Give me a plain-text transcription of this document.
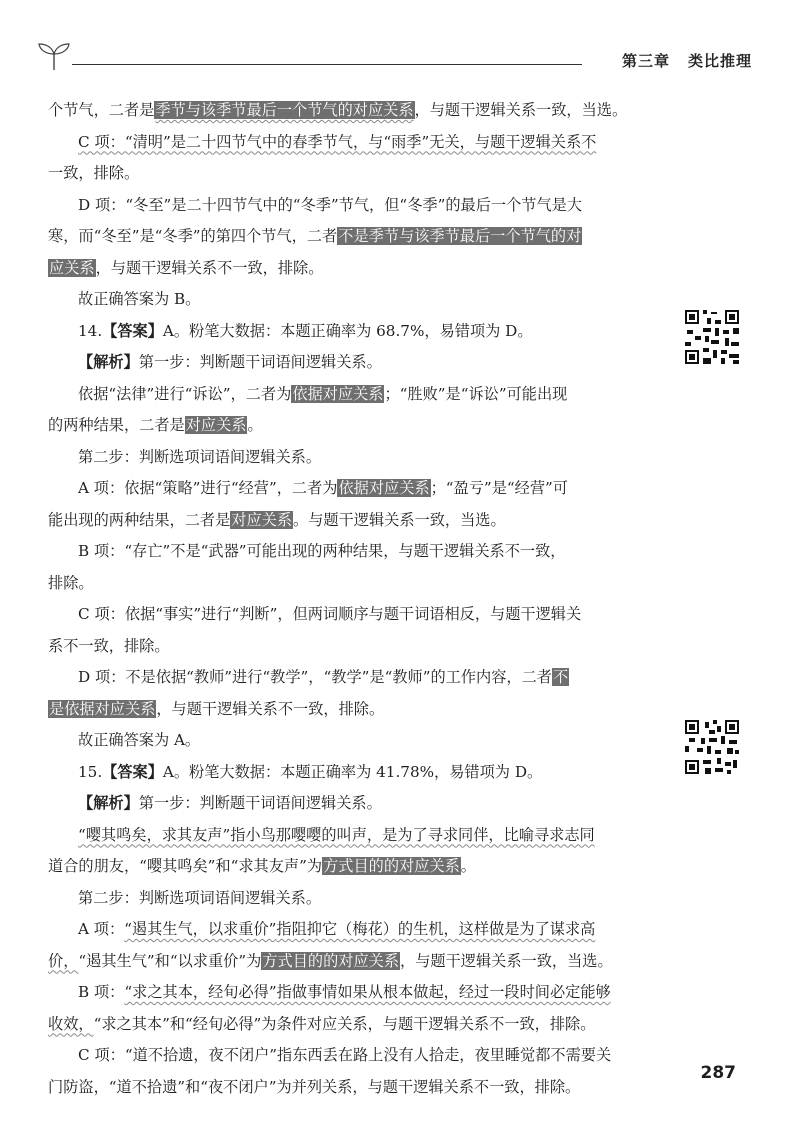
第三章 类比推理
个节气，二者是季节与该季节最后一个节气的对应关系，与题干逻辑关系一致，当选。
C 项：“清明”是二十四节气中的春季节气，与“雨季”无关，与题干逻辑关系不
一致，排除。
D 项：“冬至”是二十四节气中的“冬季”节气，但“冬季”的最后一个节气是大
寒，而“冬至”是“冬季”的第四个节气，二者不是季节与该季节最后一个节气的对
应关系，与题干逻辑关系不一致，排除。
故正确答案为 B。
14.【答案】A。粉笔大数据：本题正确率为 68.7%，易错项为 D。
【解析】第一步：判断题干词语间逻辑关系。
依据“法律”进行“诉讼”，二者为依据对应关系；“胜败”是“诉讼”可能出现
的两种结果，二者是对应关系。
第二步：判断选项词语间逻辑关系。
A 项：依据“策略”进行“经营”，二者为依据对应关系；“盈亏”是“经营”可
能出现的两种结果，二者是对应关系。与题干逻辑关系一致，当选。
B 项：“存亡”不是“武器”可能出现的两种结果，与题干逻辑关系不一致，
排除。
C 项：依据“事实”进行“判断”，但两词顺序与题干词语相反，与题干逻辑关
系不一致，排除。
D 项：不是依据“教师”进行“教学”，“教学”是“教师”的工作内容，二者不
是依据对应关系，与题干逻辑关系不一致，排除。
故正确答案为 A。
15.【答案】A。粉笔大数据：本题正确率为 41.78%，易错项为 D。
【解析】第一步：判断题干词语间逻辑关系。
“嘤其鸣矣，求其友声”指小鸟那嘤嘤的叫声，是为了寻求同伴，比喻寻求志同
道合的朋友，“嘤其鸣矣”和“求其友声”为方式目的的对应关系。
第二步：判断选项词语间逻辑关系。
A 项：“遏其生气，以求重价”指阻抑它（梅花）的生机，这样做是为了谋求高
价，“遏其生气”和“以求重价”为方式目的的对应关系，与题干逻辑关系一致，当选。
B 项：“求之其本，经旬必得”指做事情如果从根本做起，经过一段时间必定能够
收效，“求之其本”和“经旬必得”为条件对应关系，与题干逻辑关系不一致，排除。
C 项：“道不拾遗，夜不闭户”指东西丢在路上没有人拾走，夜里睡觉都不需要关
门防盗，“道不拾遗”和“夜不闭户”为并列关系，与题干逻辑关系不一致，排除。
287
